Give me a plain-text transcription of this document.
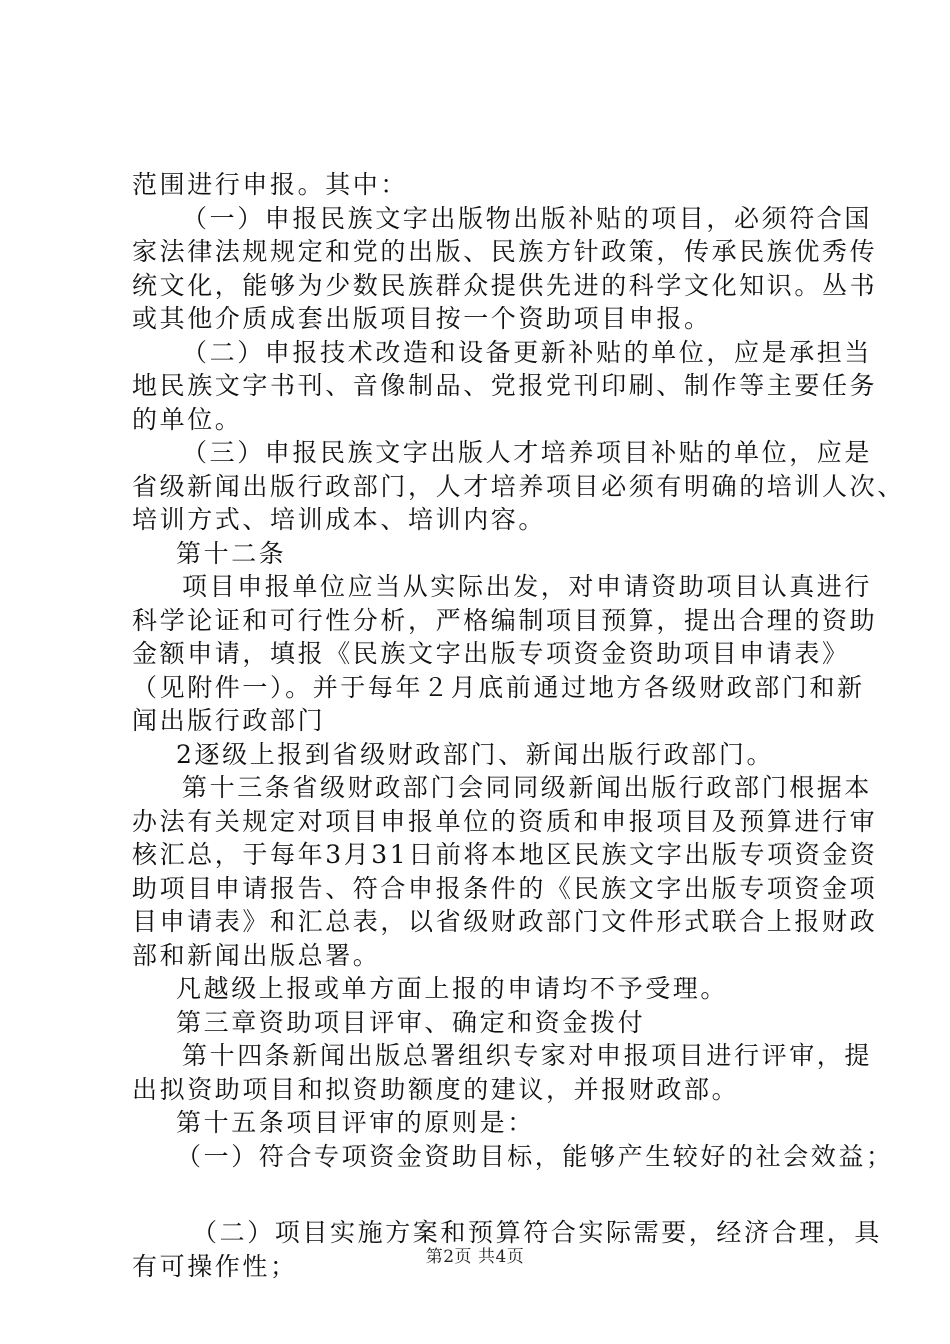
范围进行申报。其中：
（一）申报民族文字出版物出版补贴的项目，必须符合国
家法律法规规定和党的出版、民族方针政策，传承民族优秀传
统文化，能够为少数民族群众提供先进的科学文化知识。丛书
或其他介质成套出版项目按一个资助项目申报。
（二）申报技术改造和设备更新补贴的单位，应是承担当
地民族文字书刊、音像制品、党报党刊印刷、制作等主要任务
的单位。
（三）申报民族文字出版人才培养项目补贴的单位，应是
省级新闻出版行政部门，人才培养项目必须有明确的培训人次、
培训方式、培训成本、培训内容。
第十二条
项目申报单位应当从实际出发，对申请资助项目认真进行
科学论证和可行性分析，严格编制项目预算，提出合理的资助
金额申请，填报《民族文字出版专项资金资助项目申请表》
（见附件一）。并于每年２月底前通过地方各级财政部门和新
闻出版行政部门
2逐级上报到省级财政部门、新闻出版行政部门。
第十三条省级财政部门会同同级新闻出版行政部门根据本
办法有关规定对项目申报单位的资质和申报项目及预算进行审
核汇总，于每年3月31日前将本地区民族文字出版专项资金资
助项目申请报告、符合申报条件的《民族文字出版专项资金项
目申请表》和汇总表，以省级财政部门文件形式联合上报财政
部和新闻出版总署。
凡越级上报或单方面上报的申请均不予受理。
第三章资助项目评审、确定和资金拨付
第十四条新闻出版总署组织专家对申报项目进行评审，提
出拟资助项目和拟资助额度的建议，并报财政部。
第十五条项目评审的原则是：
（一）符合专项资金资助目标，能够产生较好的社会效益；
（二）项目实施方案和预算符合实际需要，经济合理，具
有可操作性；	第2页 共4页
